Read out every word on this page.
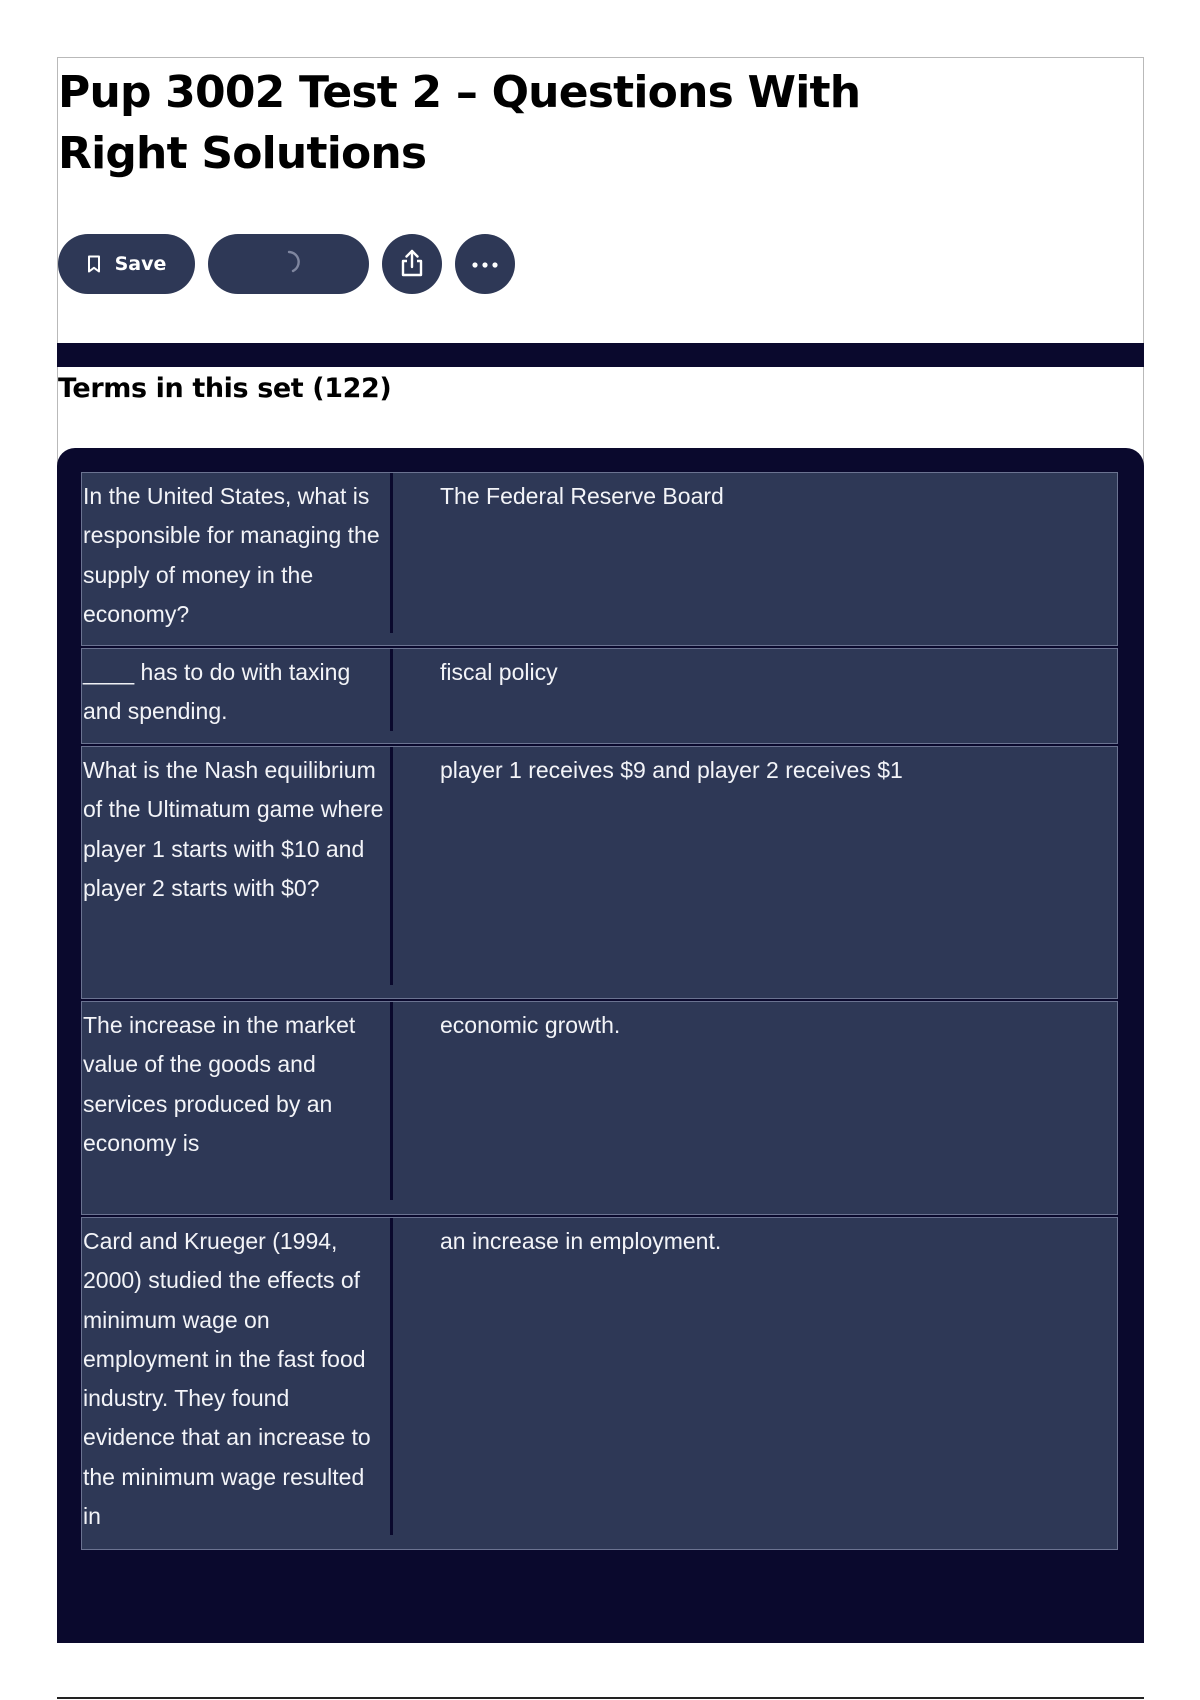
Pup 3002 Test 2 – Questions With Right Solutions
Save
Terms in this set (122)
In the United States, what is responsible for managing the supply of money in the economy?
The Federal Reserve Board
____ has to do with taxing and spending.
fiscal policy
What is the Nash equilibrium of the Ultimatum game where player 1 starts with $10 and player 2 starts with $0?
player 1 receives $9 and player 2 receives $1
The increase in the market value of the goods and services produced by an economy is
economic growth.
Card and Krueger (1994, 2000) studied the effects of minimum wage on employment in the fast food industry. They found evidence that an increase to the minimum wage resulted in
an increase in employment.
